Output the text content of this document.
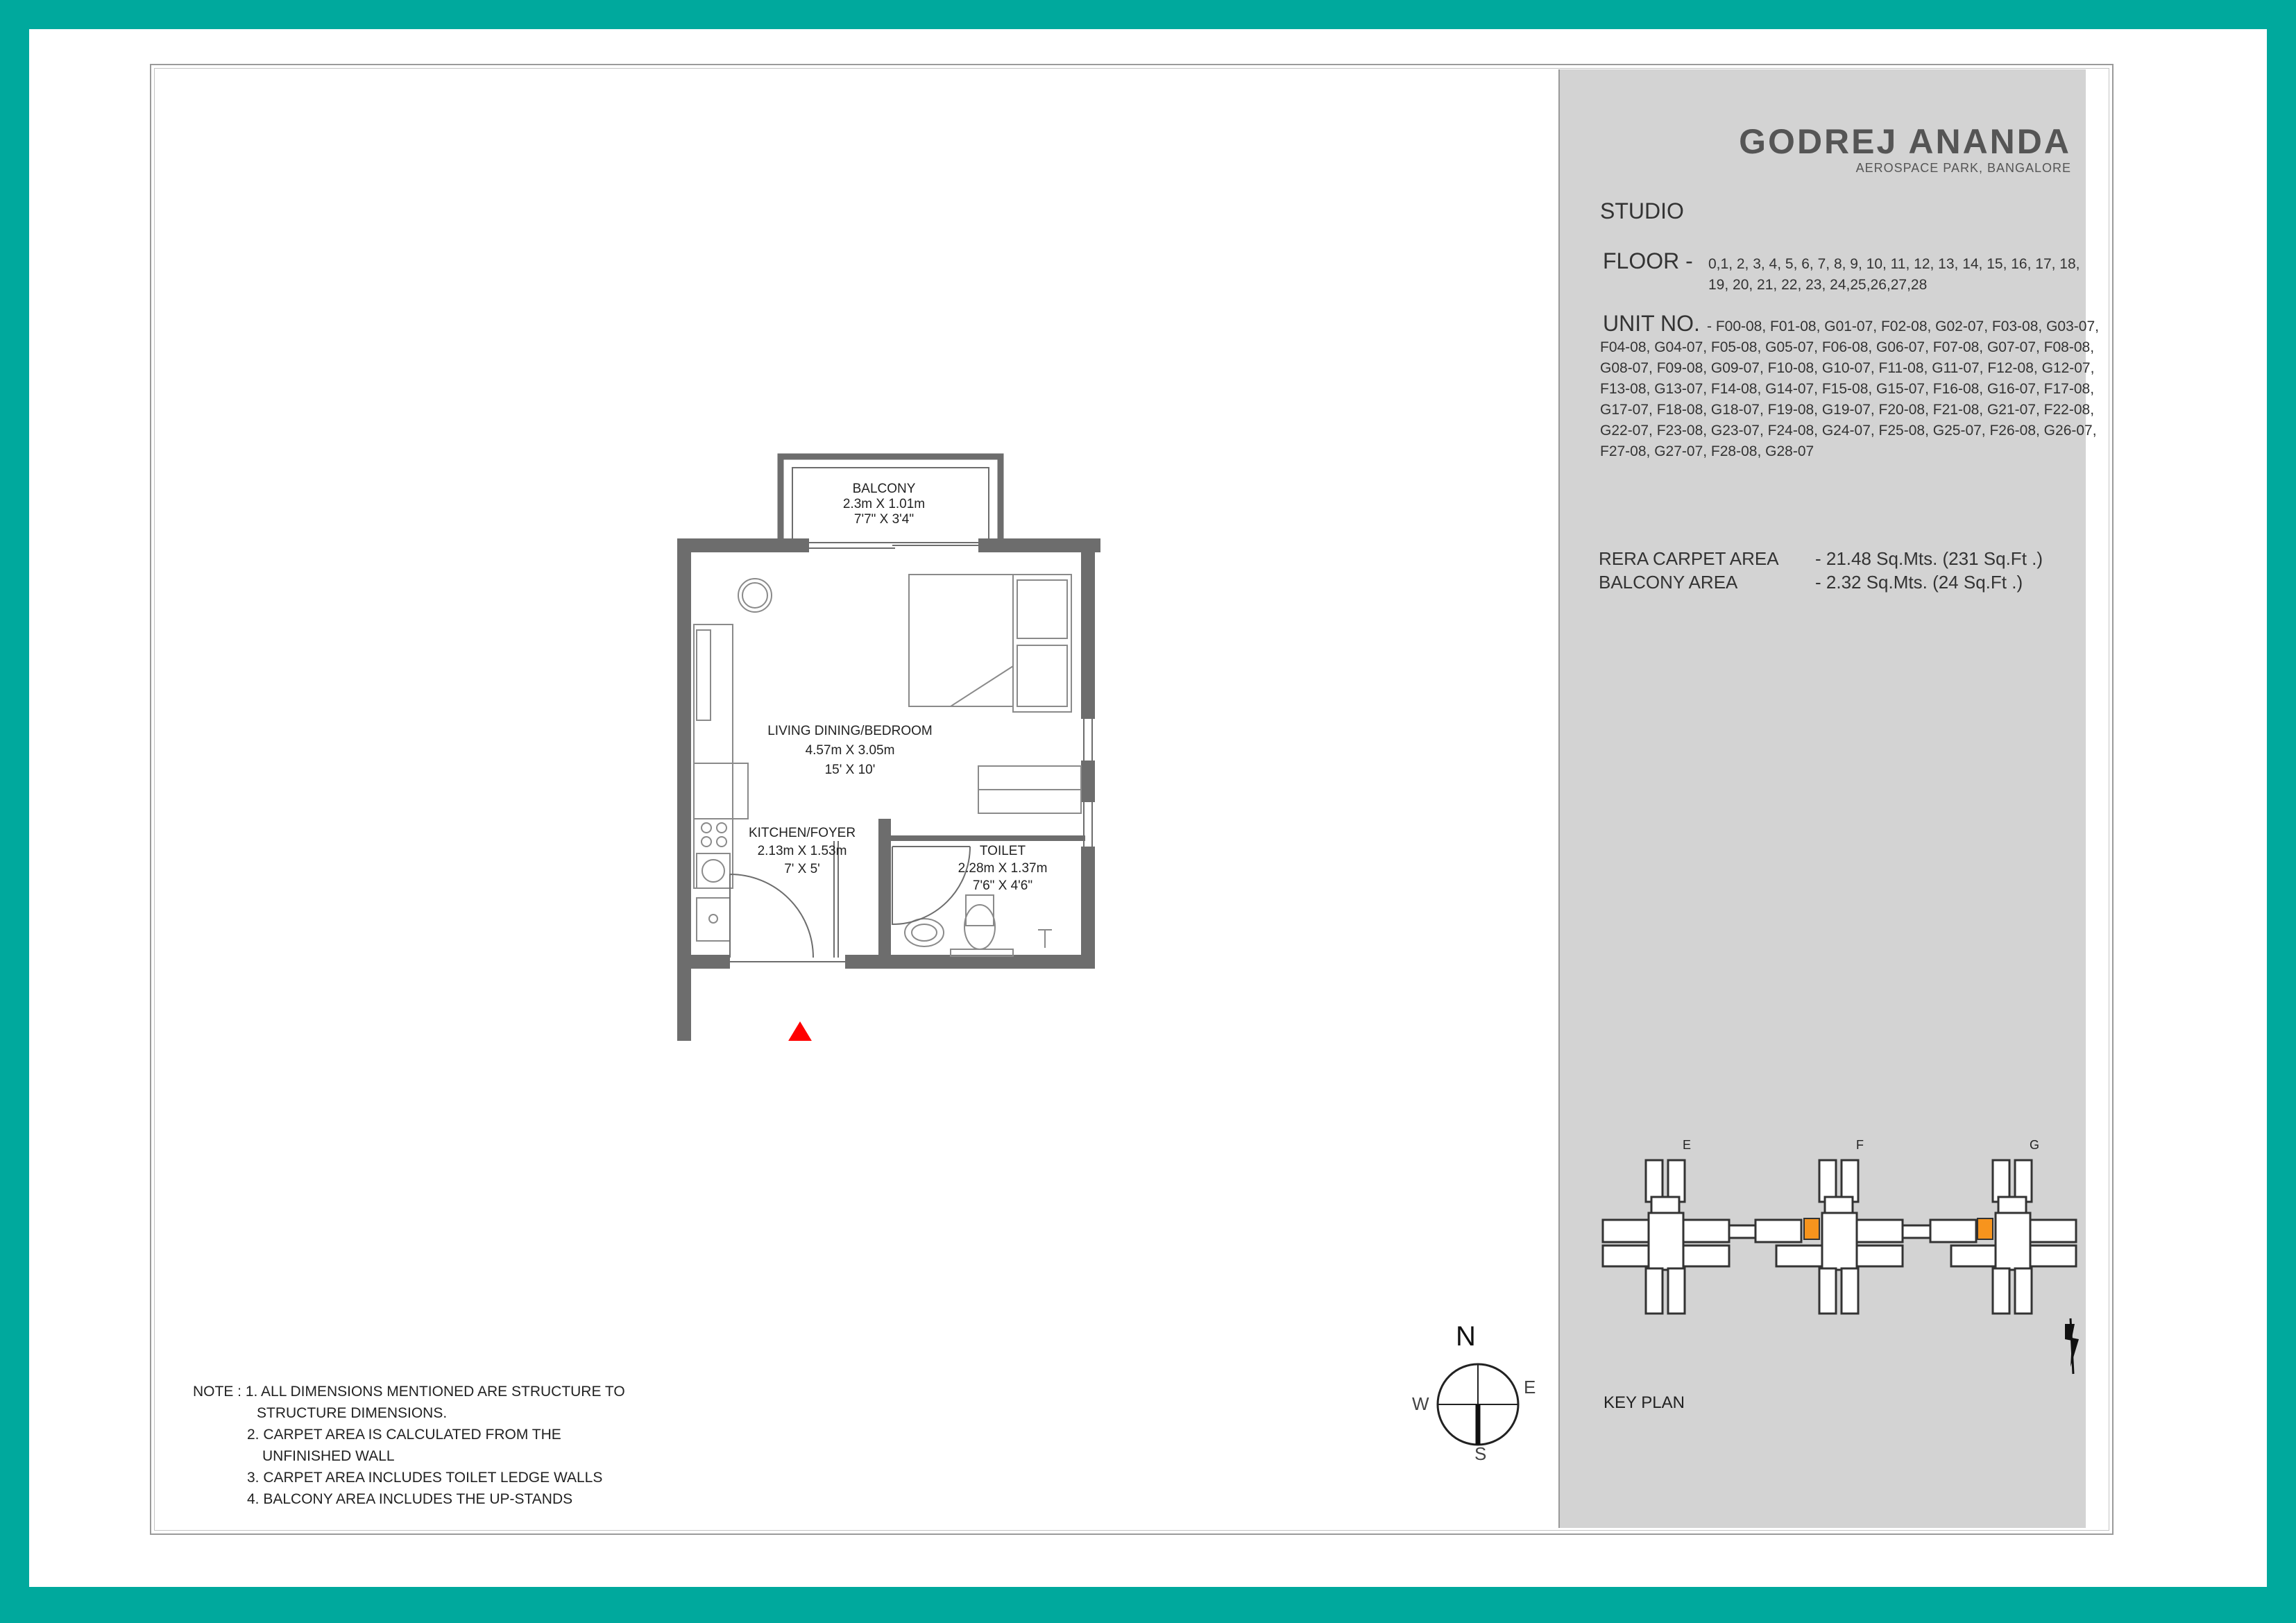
GODREJ ANANDA
AEROSPACE PARK, BANGALORE
STUDIO
FLOOR - 0,1, 2, 3, 4, 5, 6, 7, 8, 9, 10, 11, 12, 13, 14, 15, 16, 17, 18, 19, 20, 21, 22, 23, 24,25,26,27,28
UNIT NO. - F00-08, F01-08, G01-07, F02-08, G02-07, F03-08, G03-07, F04-08, G04-07, F05-08, G05-07, F06-08, G06-07, F07-08, G07-07, F08-08, G08-07, F09-08, G09-07, F10-08, G10-07, F11-08, G11-07, F12-08, G12-07, F13-08, G13-07, F14-08, G14-07, F15-08, G15-07, F16-08, G16-07, F17-08, G17-07, F18-08, G18-07, F19-08, G19-07, F20-08, F21-08, G21-07, F22-08, G22-07, F23-08, G23-07, F24-08, G24-07, F25-08, G25-07, F26-08, G26-07, F27-08, G27-07, F28-08, G28-07
RERA CARPET AREA - 21.48 Sq.Mts. (231 Sq.Ft .)
BALCONY AREA	- 2.32 Sq.Mts. (24 Sq.Ft .)
E	F	G
KEY PLAN
BALCONY
2.3m X 1.01m
7'7" X 3'4"
LIVING DINING/BEDROOM
4.57m X 3.05m
15' X 10'
KITCHEN/FOYER
2.13m X 1.53m
7' X 5'
TOILET
2.28m X 1.37m
7'6" X 4'6"
N
E
S
W
NOTE : 1. ALL DIMENSIONS MENTIONED ARE STRUCTURE TO
STRUCTURE DIMENSIONS.
2. CARPET AREA IS CALCULATED FROM THE
UNFINISHED WALL
3. CARPET AREA INCLUDES TOILET LEDGE WALLS
4. BALCONY AREA INCLUDES THE UP-STANDS
